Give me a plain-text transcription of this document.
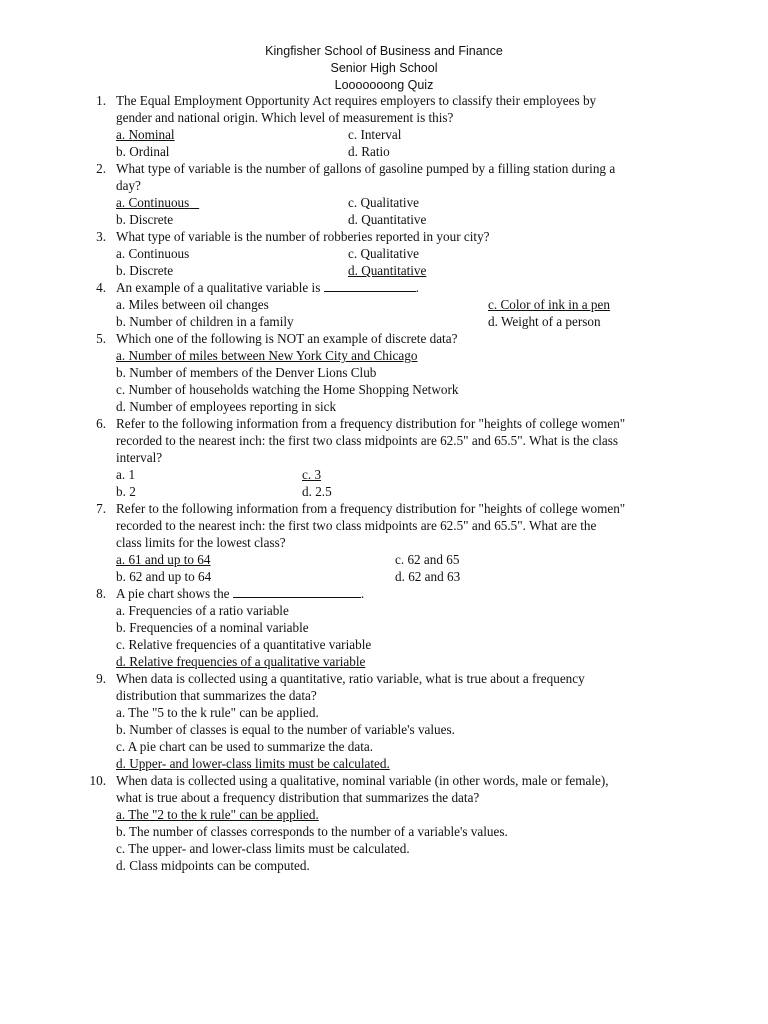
Kingfisher School of Business and Finance
Senior High School
Looooooong Quiz
1. The Equal Employment Opportunity Act requires employers to classify their employees by
gender and national origin. Which level of measurement is this?
a. Nominal	c. Interval
b. Ordinal	d. Ratio
2. What type of variable is the number of gallons of gasoline pumped by a filling station during a
day?
a. Continuous	c. Qualitative
b. Discrete	d. Quantitative
3. What type of variable is the number of robberies reported in your city?
a. Continuous	c. Qualitative
b. Discrete	d. Quantitative
4. An example of a qualitative variable is	.
a. Miles between oil changes	c. Color of ink in a pen
b. Number of children in a family	d. Weight of a person
5. Which one of the following is NOT an example of discrete data?
a. Number of miles between New York City and Chicago
b. Number of members of the Denver Lions Club
c. Number of households watching the Home Shopping Network
d. Number of employees reporting in sick
6. Refer to the following information from a frequency distribution for "heights of college women"
recorded to the nearest inch: the first two class midpoints are 62.5" and 65.5". What is the class
interval?
a. 1	c. 3
b. 2	d. 2.5
7. Refer to the following information from a frequency distribution for "heights of college women"
recorded to the nearest inch: the first two class midpoints are 62.5" and 65.5". What are the
class limits for the lowest class?
a. 61 and up to 64	c. 62 and 65
b. 62 and up to 64	d. 62 and 63
8. A pie chart shows the	.
a. Frequencies of a ratio variable
b. Frequencies of a nominal variable
c. Relative frequencies of a quantitative variable
d. Relative frequencies of a qualitative variable
9. When data is collected using a quantitative, ratio variable, what is true about a frequency
distribution that summarizes the data?
a. The "5 to the k rule" can be applied.
b. Number of classes is equal to the number of variable's values.
c. A pie chart can be used to summarize the data.
d. Upper- and lower-class limits must be calculated.
10. When data is collected using a qualitative, nominal variable (in other words, male or female),
what is true about a frequency distribution that summarizes the data?
a. The "2 to the k rule" can be applied.
b. The number of classes corresponds to the number of a variable's values.
c. The upper- and lower-class limits must be calculated.
d. Class midpoints can be computed.
